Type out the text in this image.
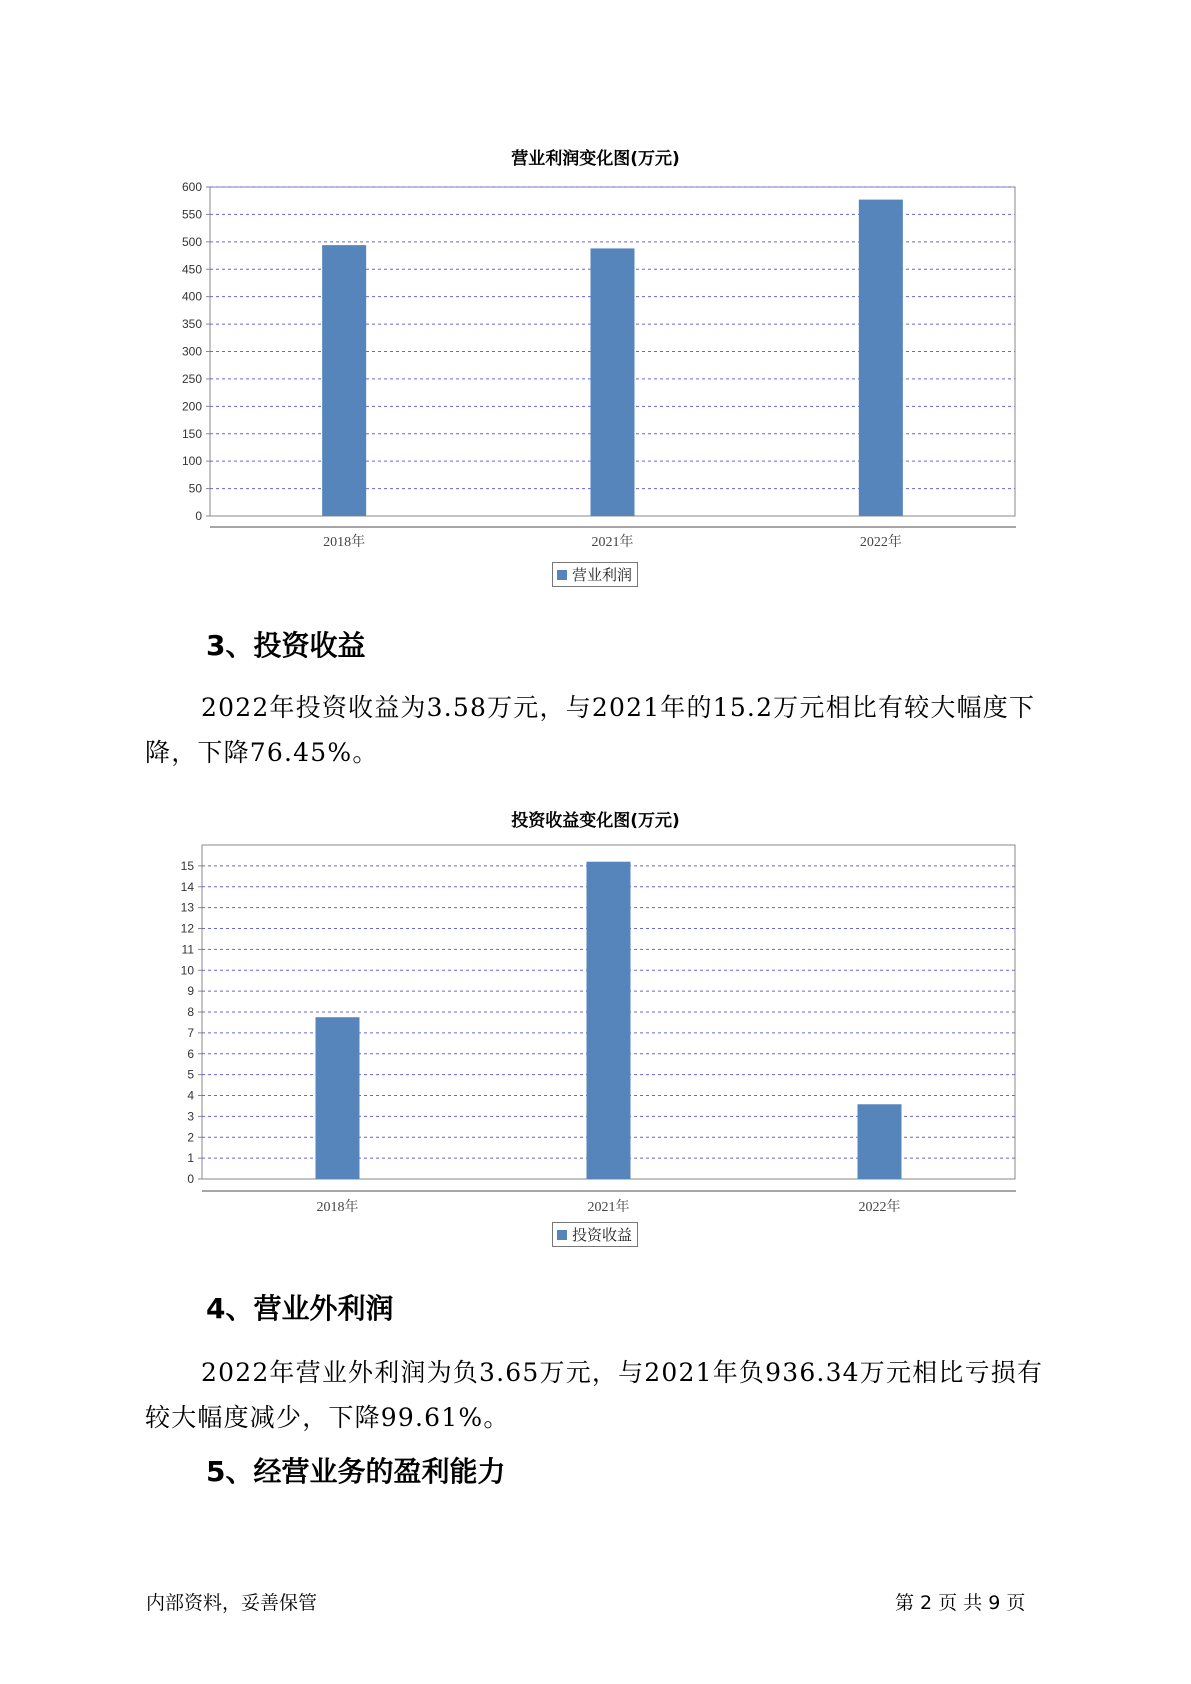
营业利润变化图(万元)
0
50
100
150
200
250
300
350
400
450
500
550
600
2018年	2021年	2022年
营业利润
3、投资收益
2022年投资收益为3.58万元，与2021年的15.2万元相比有较大幅度下降，下降76.45%。
投资收益变化图(万元)
0
1
2
3
4
5
6
7
8
9
10
11
12
13
14
15
2018年	2021年	2022年
投资收益
4、营业外利润
2022年营业外利润为负3.65万元，与2021年负936.34万元相比亏损有较大幅度减少，下降99.61%。
5、经营业务的盈利能力
内部资料，妥善保管	第 2 页 共 9 页
